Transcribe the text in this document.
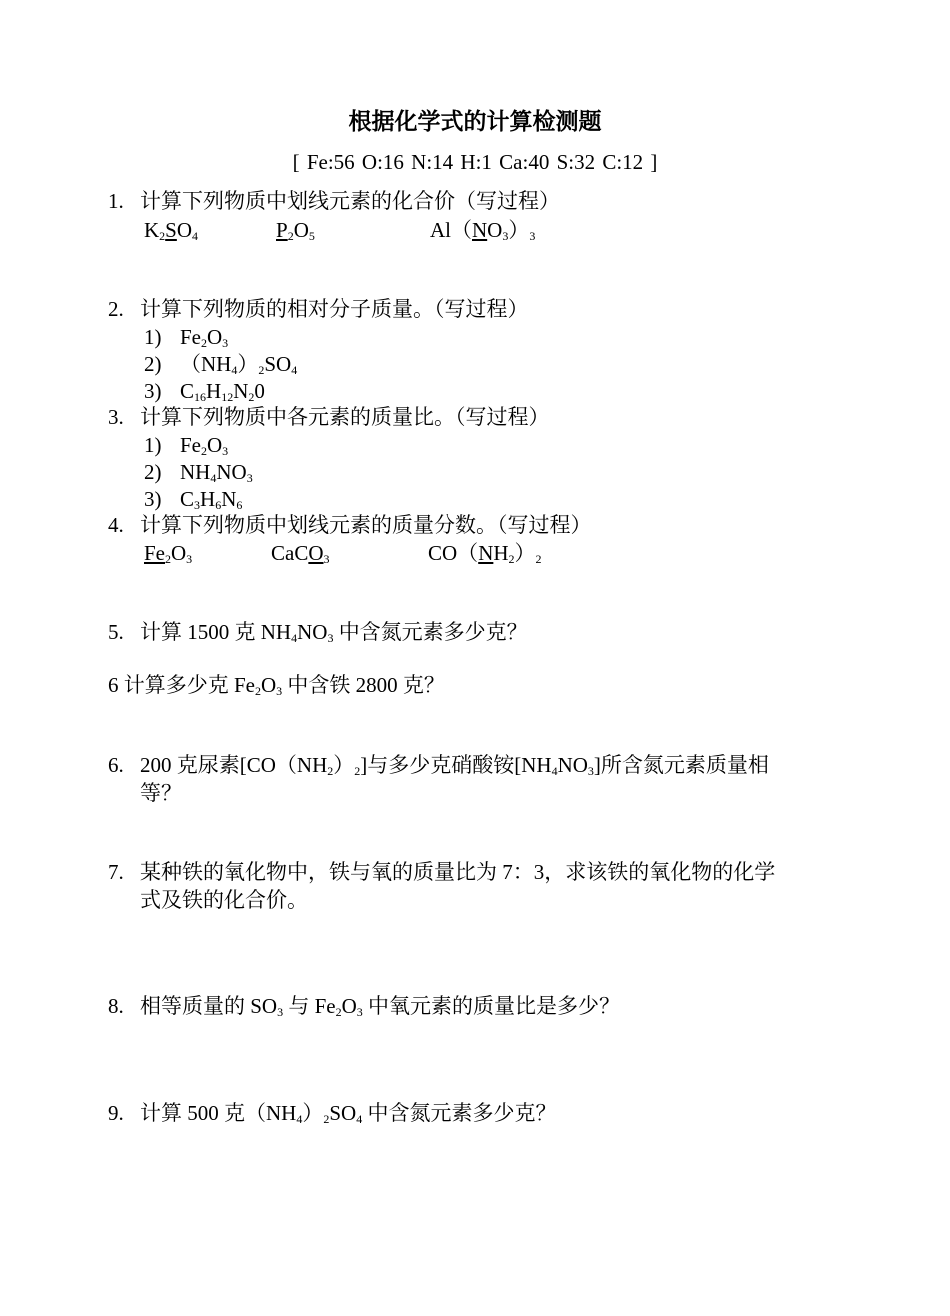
根据化学式的计算检测题
[ Fe:56 O:16 N:14 H:1 Ca:40 S:32 C:12 ]
1. 计算下列物质中划线元素的化合价（写过程）
$K_2SO_4$	$P_2O_5$	$Al(NO_3)_3$
2. 计算下列物质的相对分子质量。（写过程）
1) $Fe_2O_3$
2) $(NH_4)_2SO_4$
3) $C_{16}H_{12}N_20$
3. 计算下列物质中各元素的质量比。（写过程）
1) $Fe_2O_3$
2) $NH_4NO_3$
3) $C_3H_6N_6$
4. 计算下列物质中划线元素的质量分数。（写过程）
$Fe_2O_3$	CaCO$_3$	$CO(NH_2)_2$
5. 计算 1500 克 $NH_4NO_3$ 中含氮元素多少克？
6 计算多少克 $Fe_2O_3$ 中含铁 2800 克？
6. 200 克尿素$[CO(NH_2)_2]$与多少克硝酸铵$[NH_4NO_3]$所含氮元素质量相
等？
7. 某种铁的氧化物中，铁与氧的质量比为 7：3，求该铁的氧化物的化学
式及铁的化合价。
8. 相等质量的 $SO_3$ 与 $Fe_2O_3$ 中氧元素的质量比是多少？
9. 计算 500 克$(NH_4)_2SO_4$ 中含氮元素多少克？
